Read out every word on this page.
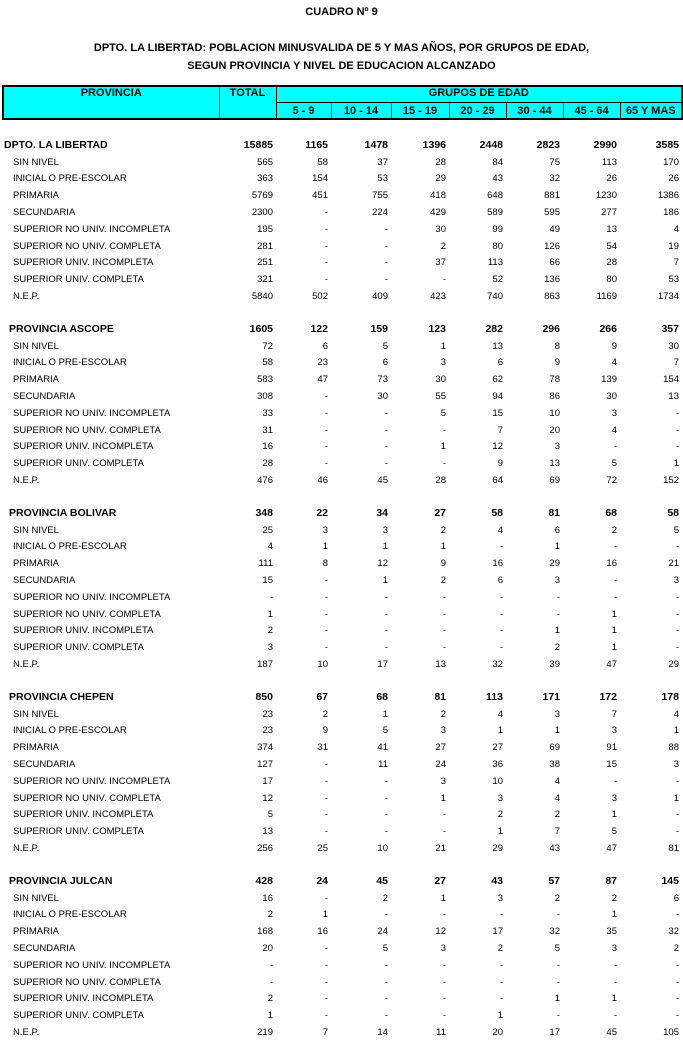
CUADRO Nº 9
DPTO. LA LIBERTAD: POBLACION MINUSVALIDA DE 5 Y MAS AÑOS, POR GRUPOS DE EDAD,
SEGUN PROVINCIA Y NIVEL DE EDUCACION ALCANZADO
PROVINCIA	TOTAL	GRUPOS DE EDAD						
		5 - 9	10 - 14	15 - 19	20 - 29	30 - 44	45 - 64	65 Y MAS
DPTO. LA LIBERTAD	15885	1165	1478	1396	2448	2823	2990	3585
SIN NIVEL	565	58	37	28	84	75	113	170
INICIAL O PRE-ESCOLAR	363	154	53	29	43	32	26	26
PRIMARIA	5769	451	755	418	648	881	1230	1386
SECUNDARIA	2300	-	224	429	589	595	277	186
SUPERIOR NO UNIV. INCOMPLETA	195	-	-	30	99	49	13	4
SUPERIOR NO UNIV. COMPLETA	281	-	-	2	80	126	54	19
SUPERIOR UNIV. INCOMPLETA	251	-	-	37	113	66	28	7
SUPERIOR UNIV. COMPLETA	321	-	-	-	52	136	80	53
N.E.P.	5840	502	409	423	740	863	1169	1734

PROVINCIA ASCOPE	1605	122	159	123	282	296	266	357
SIN NIVEL	72	6	5	1	13	8	9	30
INICIAL O PRE-ESCOLAR	58	23	6	3	6	9	4	7
PRIMARIA	583	47	73	30	62	78	139	154
SECUNDARIA	308	-	30	55	94	86	30	13
SUPERIOR NO UNIV. INCOMPLETA	33	-	-	5	15	10	3	-
SUPERIOR NO UNIV. COMPLETA	31	-	-	-	7	20	4	-
SUPERIOR UNIV. INCOMPLETA	16	-	-	1	12	3	-	-
SUPERIOR UNIV. COMPLETA	28	-	-	-	9	13	5	1
N.E.P.	476	46	45	28	64	69	72	152

PROVINCIA BOLIVAR	348	22	34	27	58	81	68	58
SIN NIVEL	25	3	3	2	4	6	2	5
INICIAL O PRE-ESCOLAR	4	1	1	1	-	1	-	-
PRIMARIA	111	8	12	9	16	29	16	21
SECUNDARIA	15	-	1	2	6	3	-	3
SUPERIOR NO UNIV. INCOMPLETA	-	-	-	-	-	-	-	-
SUPERIOR NO UNIV. COMPLETA	1	-	-	-	-	-	1	-
SUPERIOR UNIV. INCOMPLETA	2	-	-	-	-	1	1	-
SUPERIOR UNIV. COMPLETA	3	-	-	-	-	2	1	-
N.E.P.	187	10	17	13	32	39	47	29

PROVINCIA CHEPEN	850	67	68	81	113	171	172	178
SIN NIVEL	23	2	1	2	4	3	7	4
INICIAL O PRE-ESCOLAR	23	9	5	3	1	1	3	1
PRIMARIA	374	31	41	27	27	69	91	88
SECUNDARIA	127	-	11	24	36	38	15	3
SUPERIOR NO UNIV. INCOMPLETA	17	-	-	3	10	4	-	-
SUPERIOR NO UNIV. COMPLETA	12	-	-	1	3	4	3	1
SUPERIOR UNIV. INCOMPLETA	5	-	-	-	2	2	1	-
SUPERIOR UNIV. COMPLETA	13	-	-	-	1	7	5	-
N.E.P.	256	25	10	21	29	43	47	81

PROVINCIA JULCAN	428	24	45	27	43	57	87	145
SIN NIVEL	16	-	2	1	3	2	2	6
INICIAL O PRE-ESCOLAR	2	1	-	-	-	-	1	-
PRIMARIA	168	16	24	12	17	32	35	32
SECUNDARIA	20	-	5	3	2	5	3	2
SUPERIOR NO UNIV. INCOMPLETA	-	-	-	-	-	-	-	-
SUPERIOR NO UNIV. COMPLETA	-	-	-	-	-	-	-	-
SUPERIOR UNIV. INCOMPLETA	2	-	-	-	-	1	1	-
SUPERIOR UNIV. COMPLETA	1	-	-	-	1	-	-	-
N.E.P.	219	7	14	11	20	17	45	105
